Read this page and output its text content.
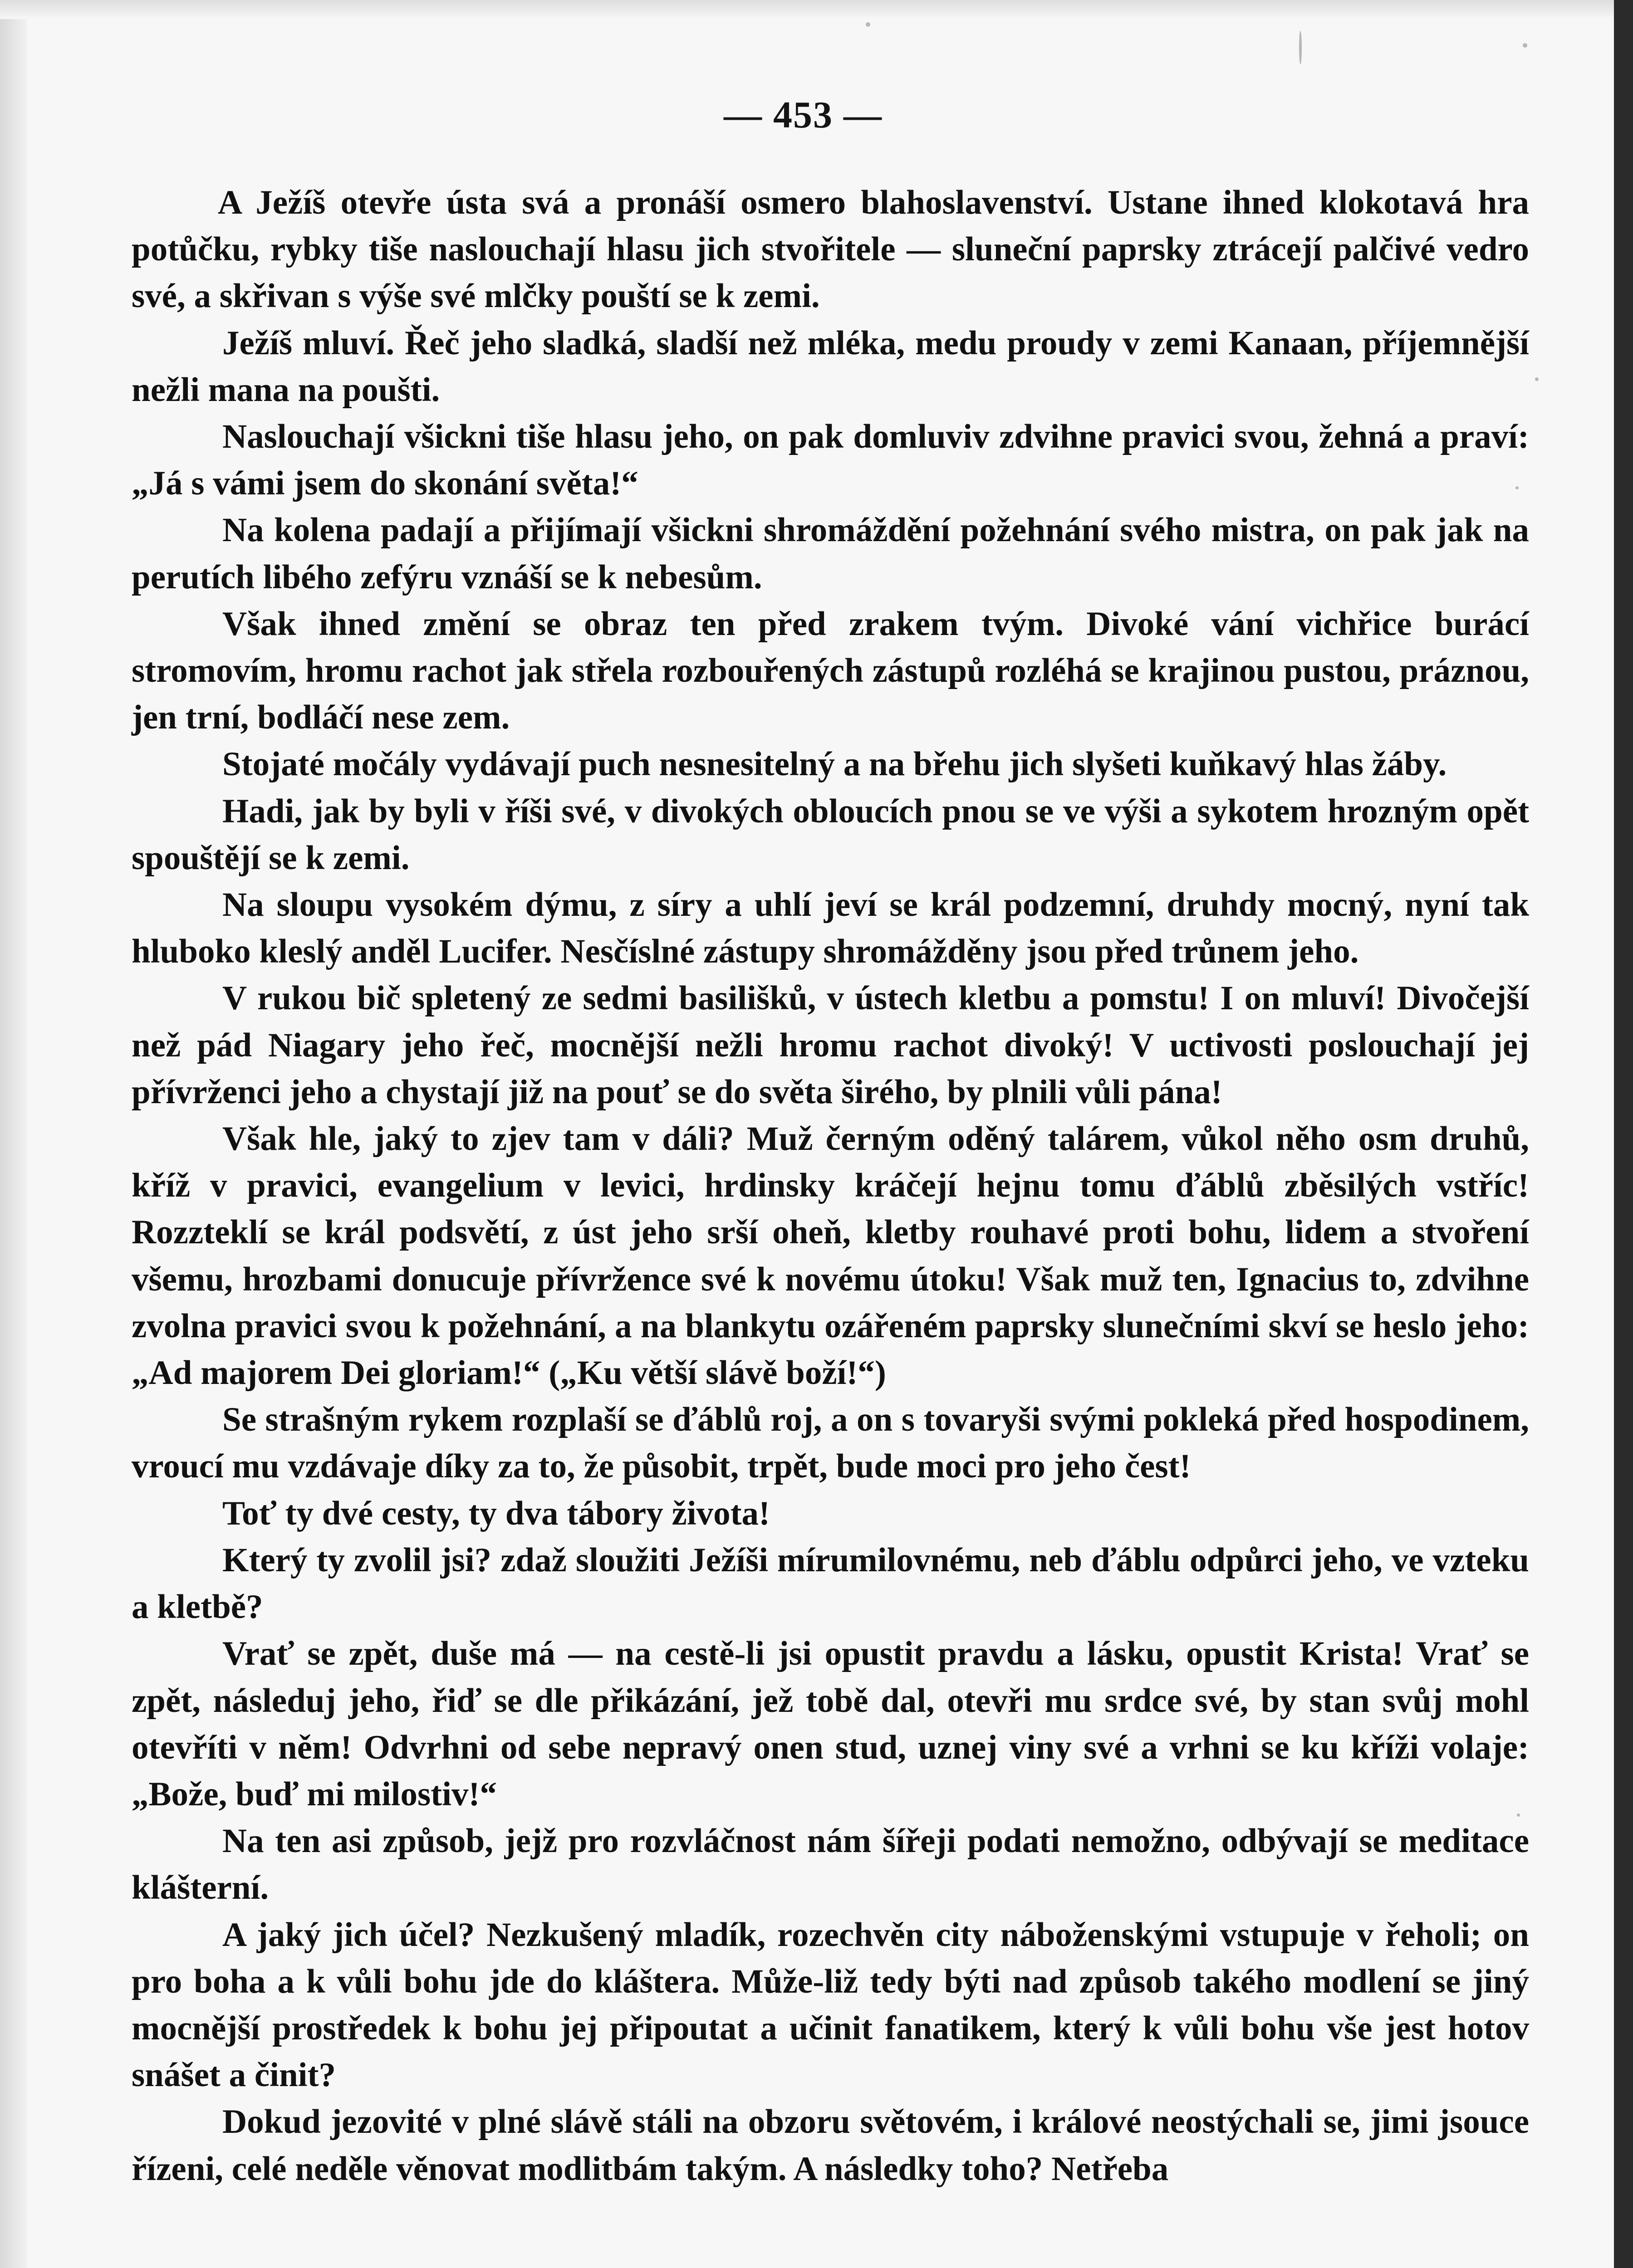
— 453 —

A Ježíš otevře ústa svá a pronáší osmero blahoslavenství. Ustane ihned klokotavá hra potůčku, rybky tiše naslouchají hlasu jich stvořitele — sluneční paprsky ztrácejí palčivé vedro své, a skřivan s výše své mlčky pouští se k zemi.

Ježíš mluví. Řeč jeho sladká, sladší než mléka, medu proudy v zemi Kanaan, příjemnější nežli mana na poušti.

Naslouchají všickni tiše hlasu jeho, on pak domluviv zdvihne pravici svou, žehná a praví: „Já s vámi jsem do skonání světa!“

Na kolena padají a přijímají všickni shromáždění požehnání svého mistra, on pak jak na perutích libého zefýru vznáší se k nebesům.

Však ihned změní se obraz ten před zrakem tvým. Divoké vání vichřice burácí stromovím, hromu rachot jak střela rozbouřených zástupů rozléhá se krajinou pustou, práznou, jen trní, bodláčí nese zem.

Stojaté močály vydávají puch nesnesitelný a na břehu jich slyšeti kuňkavý hlas žáby.

Hadi, jak by byli v říši své, v divokých obloucích pnou se ve výši a sykotem hrozným opět spouštějí se k zemi.

Na sloupu vysokém dýmu, z síry a uhlí jeví se král podzemní, druhdy mocný, nyní tak hluboko kleslý anděl Lucifer. Nesčíslné zástupy shromážděny jsou před trůnem jeho.

V rukou bič spletený ze sedmi basilišků, v ústech kletbu a pomstu! I on mluví! Divočejší než pád Niagary jeho řeč, mocnější nežli hromu rachot divoký! V uctivosti poslouchají jej přívrženci jeho a chystají již na pouť se do světa širého, by plnili vůli pána!

Však hle, jaký to zjev tam v dáli? Muž černým oděný talárem, vůkol něho osm druhů, kříž v pravici, evangelium v levici, hrdinsky kráčejí hejnu tomu ďáblů zběsilých vstříc! Rozzteklí se král podsvětí, z úst jeho srší oheň, kletby rouhavé proti bohu, lidem a stvoření všemu, hrozbami donucuje přívržence své k novému útoku! Však muž ten, Ignacius to, zdvihne zvolna pravici svou k požehnání, a na blankytu ozářeném paprsky slunečními skví se heslo jeho: „Ad majorem Dei gloriam!“ („Ku větší slávě boží!“)

Se strašným rykem rozplaší se ďáblů roj, a on s tovaryši svými pokleká před hospodinem, vroucí mu vzdávaje díky za to, že působit, trpět, bude moci pro jeho čest!

Toť ty dvé cesty, ty dva tábory života!

Který ty zvolil jsi? zdaž sloužiti Ježíši mírumilovnému, neb ďáblu odpůrci jeho, ve vzteku a kletbě?

Vrať se zpět, duše má — na cestě-li jsi opustit pravdu a lásku, opustit Krista! Vrať se zpět, následuj jeho, řiď se dle přikázání, jež tobě dal, otevři mu srdce své, by stan svůj mohl otevříti v něm! Odvrhni od sebe nepravý onen stud, uznej viny své a vrhni se ku kříži volaje: „Bože, buď mi milostiv!“

Na ten asi způsob, jejž pro rozvláčnost nám šířeji podati nemožno, odbývají se meditace klášterní.

A jaký jich účel? Nezkušený mladík, rozechvěn city náboženskými vstupuje v řeholi; on pro boha a k vůli bohu jde do kláštera. Může-liž tedy býti nad způsob takého modlení se jiný mocnější prostředek k bohu jej připoutat a učinit fanatikem, který k vůli bohu vše jest hotov snášet a činit?

Dokud jezovité v plné slávě stáli na obzoru světovém, i králové neostýchali se, jimi jsouce řízeni, celé neděle věnovat modlitbám takým. A následky toho? Netřeba
